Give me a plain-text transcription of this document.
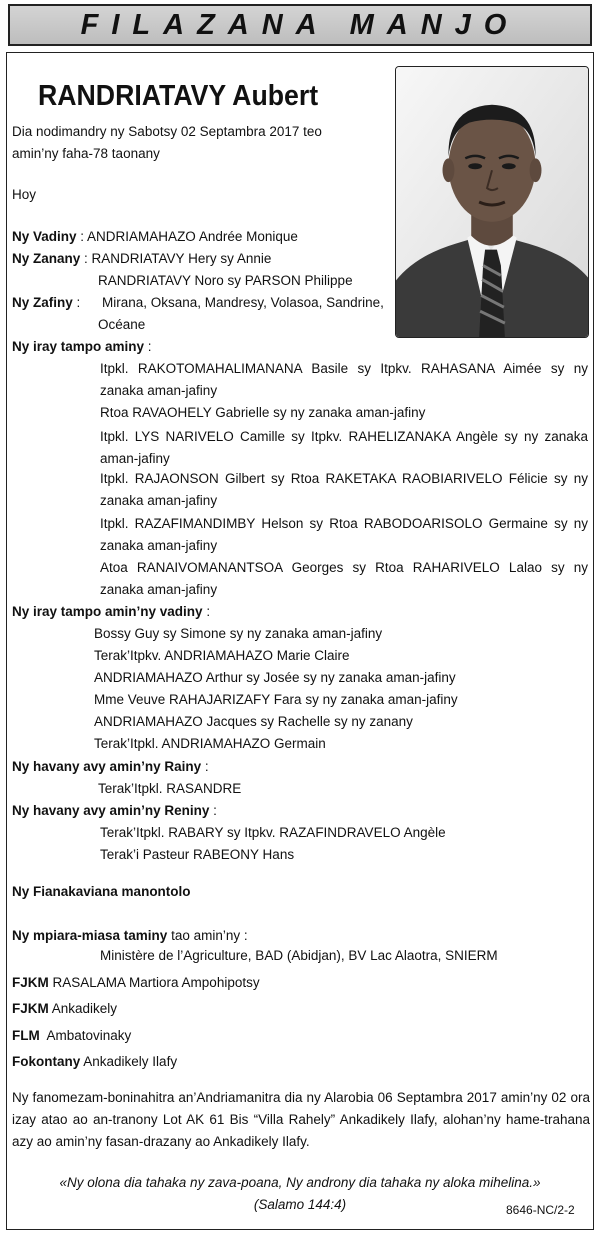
FILAZANA MANJO
RANDRIATAVY Aubert
Dia nodimandry ny Sabotsy 02 Septambra 2017 teo
amin’ny faha-78 taonany
Hoy
Ny Vadiny : ANDRIAMAHAZO Andrée Monique
Ny Zanany : RANDRIATAVY Hery sy Annie
RANDRIATAVY Noro sy PARSON Philippe
Ny Zafiny : Mirana, Oksana, Mandresy, Volasoa, Sandrine,
Océane
Ny iray tampo aminy :
Itpkl. RAKOTOMAHALIMANANA Basile sy Itpkv. RAHASANA Aimée sy ny zanaka aman-jafiny
Rtoa RAVAOHELY Gabrielle sy ny zanaka aman-jafiny
Itpkl. LYS NARIVELO Camille sy Itpkv. RAHELIZANAKA Angèle sy ny zanaka aman-jafiny
Itpkl. RAJAONSON Gilbert sy Rtoa RAKETAKA RAOBIARIVELO Félicie sy ny zanaka aman-jafiny
Itpkl. RAZAFIMANDIMBY Helson sy Rtoa RABODOARISOLO Germaine sy ny zanaka aman-jafiny
Atoa RANAIVOMANANTSOA Georges sy Rtoa RAHARIVELO Lalao sy ny zanaka aman-jafiny
Ny iray tampo amin’ny vadiny :
Bossy Guy sy Simone sy ny zanaka aman-jafiny
Terak’Itpkv. ANDRIAMAHAZO Marie Claire
ANDRIAMAHAZO Arthur sy Josée sy ny zanaka aman-jafiny
Mme Veuve RAHAJARIZAFY Fara sy ny zanaka aman-jafiny
ANDRIAMAHAZO Jacques sy Rachelle sy ny zanany
Terak’Itpkl. ANDRIAMAHAZO Germain
Ny havany avy amin’ny Rainy :
Terak’Itpkl. RASANDRE
Ny havany avy amin’ny Reniny :
Terak’Itpkl. RABARY sy Itpkv. RAZAFINDRAVELO Angèle
Terak’i Pasteur RABEONY Hans
Ny Fianakaviana manontolo
Ny mpiara-miasa taminy tao amin’ny :
Ministère de l’Agriculture, BAD (Abidjan), BV Lac Alaotra, SNIERM
FJKM RASALAMA Martiora Ampohipotsy
FJKM Ankadikely
FLM  Ambatovinaky
Fokontany Ankadikely Ilafy
Ny fanomezam-boninahitra an’Andriamanitra dia ny Alarobia 06 Septambra 2017 amin’ny 02 ora izay atao ao an-tranony Lot AK 61 Bis “Villa Rahely” Ankadikely Ilafy, alohan’ny hame-trahana azy ao amin’ny fasan-drazany ao Ankadikely Ilafy.
«Ny olona dia tahaka ny zava-poana, Ny androny dia tahaka ny aloka mihelina.»
(Salamo 144:4)	8646-NC/2-2
